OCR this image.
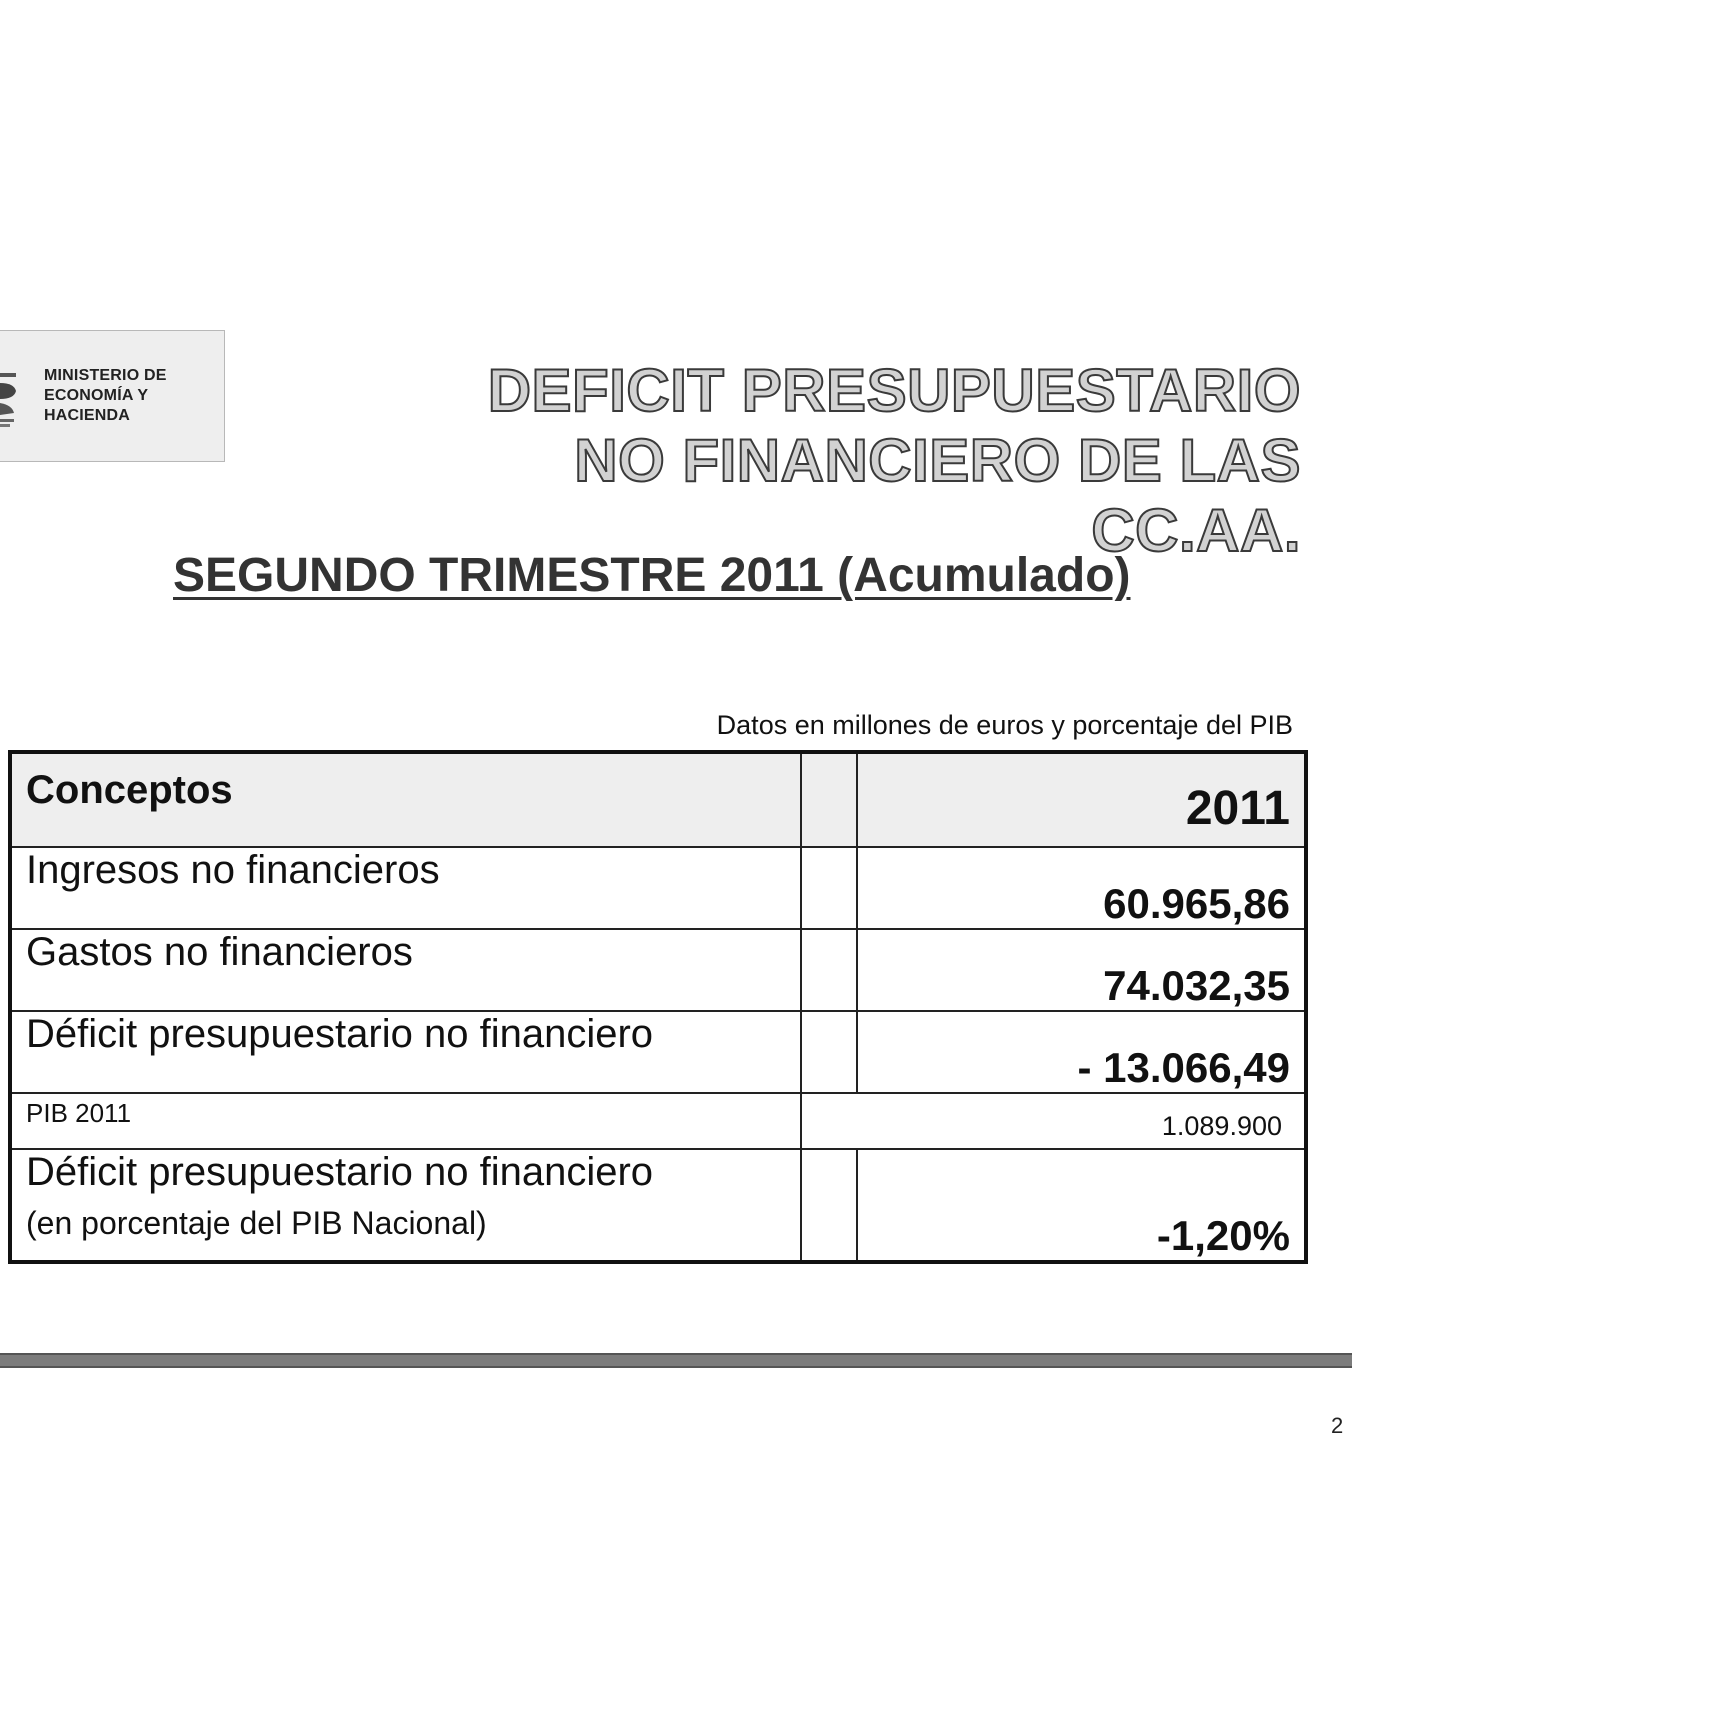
MINISTERIO DE
ECONOMÍA Y
HACIENDA	DEFICIT PRESUPUESTARIO NO FINANCIERO DE LAS CC.AA.
SEGUNDO TRIMESTRE 2011 (Acumulado)
Datos en millones de euros y porcentaje del PIB
Conceptos		2011
Ingresos no financieros		60.965,86
Gastos no financieros		74.032,35
Déficit presupuestario no financiero		- 13.066,49
PIB 2011	1.089.900	
Déficit presupuestario no financiero
(en porcentaje del PIB Nacional)		-1,20%
2
